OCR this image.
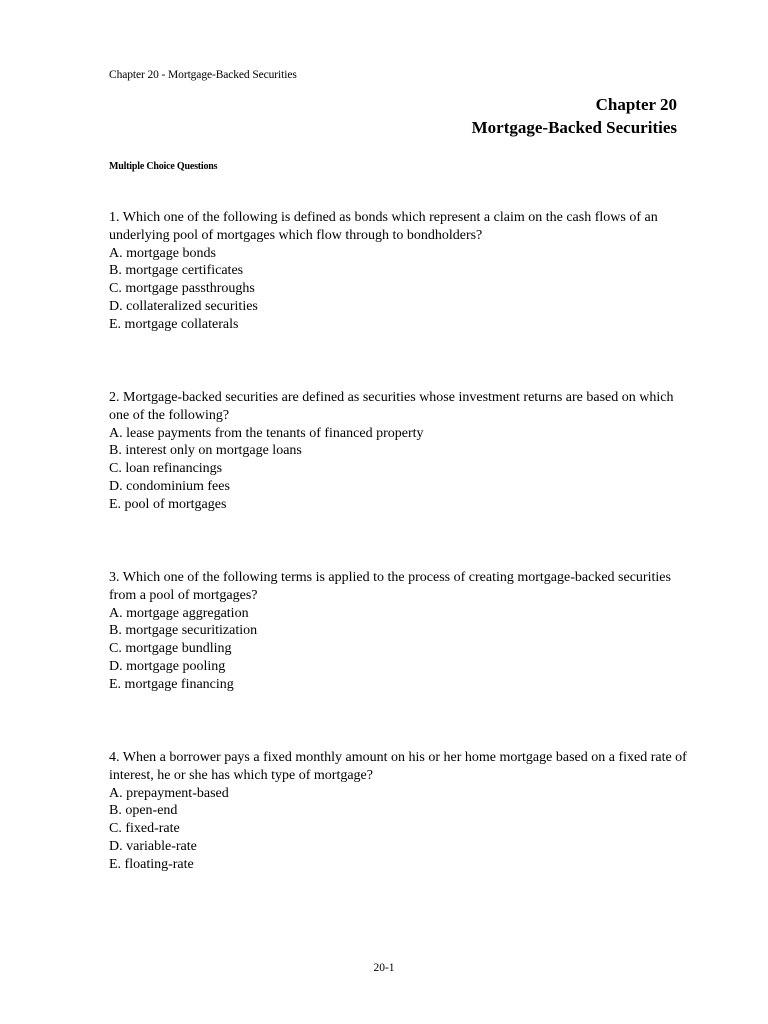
Chapter 20 - Mortgage-Backed Securities
Chapter 20
Mortgage-Backed Securities
Multiple Choice Questions

1. Which one of the following is defined as bonds which represent a claim on the cash flows of an underlying pool of mortgages which flow through to bondholders?

A. mortgage bonds
B. mortgage certificates
C. mortgage passthroughs
D. collateralized securities
E. mortgage collaterals

2. Mortgage-backed securities are defined as securities whose investment returns are based on which one of the following?

A. lease payments from the tenants of financed property
B. interest only on mortgage loans
C. loan refinancings
D. condominium fees
E. pool of mortgages

3. Which one of the following terms is applied to the process of creating mortgage-backed securities from a pool of mortgages?

A. mortgage aggregation
B. mortgage securitization
C. mortgage bundling
D. mortgage pooling
E. mortgage financing

4. When a borrower pays a fixed monthly amount on his or her home mortgage based on a fixed rate of interest, he or she has which type of mortgage?

A. prepayment-based
B. open-end
C. fixed-rate
D. variable-rate
E. floating-rate
20-1
